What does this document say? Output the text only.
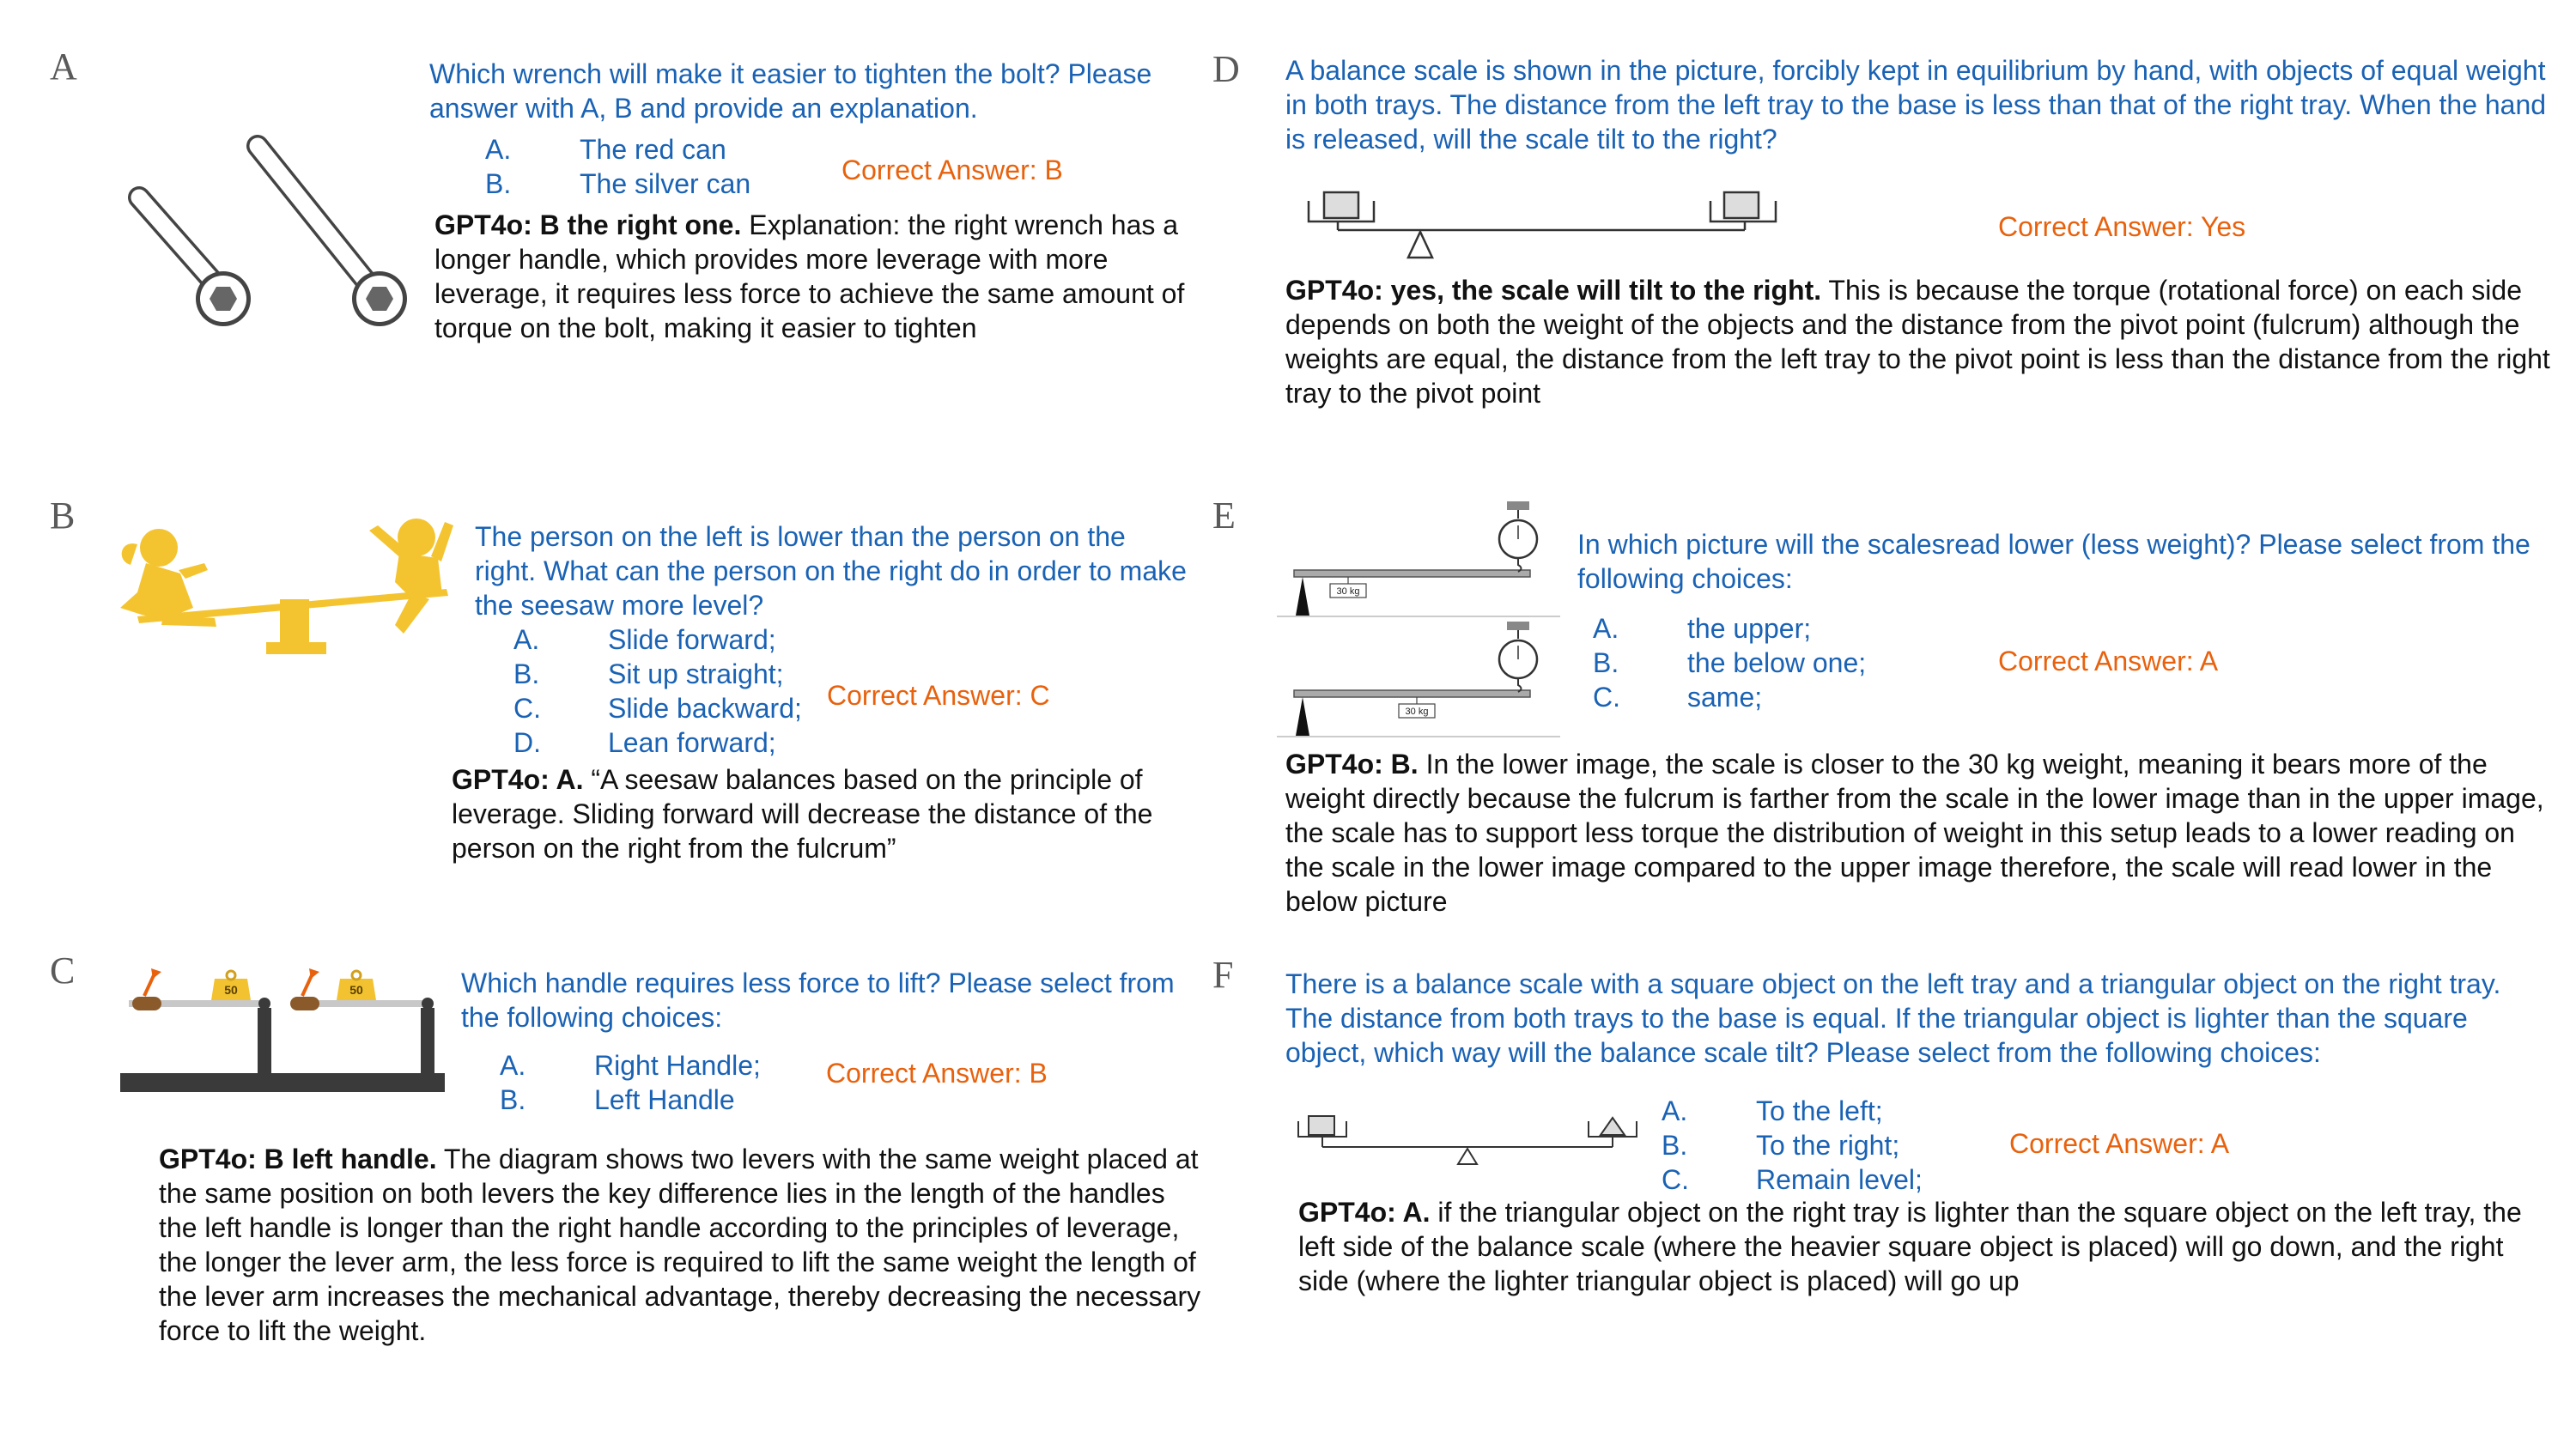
A	Which wrench will make it easier to tighten the bolt? Please answer with A, B and provide an explanation.
A.	The red can
B.	The silver can	Correct Answer: B
GPT4o: B the right one. Explanation: the right wrench has a longer handle, which provides more leverage with more leverage, it requires less force to achieve the same amount of torque on the bolt, making it easier to tighten
B	The person on the left is lower than the person on the right. What can the person on the right do in order to make the seesaw more level?
A.	Slide forward;
B.	Sit up straight;
C.	Slide backward;
D.	Lean forward;
Correct Answer: C
GPT4o: A. “A seesaw balances based on the principle of leverage. Sliding forward will decrease the distance of the person on the right from the fulcrum”
C	50	50	Which handle requires less force to lift? Please select from the following choices:
A.	Right Handle;
B.	Left Handle
Correct Answer: B
GPT4o: B left handle. The diagram shows two levers with the same weight placed at the same position on both levers the key difference lies in the length of the handles the left handle is longer than the right handle according to the principles of leverage, the longer the lever arm, the less force is required to lift the same weight the length of the lever arm increases the mechanical advantage, thereby decreasing the necessary force to lift the weight.
D A balance scale is shown in the picture, forcibly kept in equilibrium by hand, with objects of equal weight in both trays. The distance from the left tray to the base is less than that of the right tray. When the hand is released, will the scale tilt to the right?
Correct Answer: Yes
GPT4o: yes, the scale will tilt to the right. This is because the torque (rotational force) on each side depends on both the weight of the objects and the distance from the pivot point (fulcrum) although the weights are equal, the distance from the left tray to the pivot point is less than the distance from the right tray to the pivot point
E
30 kg
30 kg
In which picture will the scalesread lower (less weight)? Please select from the following choices:
A.	the upper;
B.	the below one;
C.	same;
Correct Answer: A
GPT4o: B. In the lower image, the scale is closer to the 30 kg weight, meaning it bears more of the weight directly because the fulcrum is farther from the scale in the lower image than in the upper image, the scale has to support less torque the distribution of weight in this setup leads to a lower reading on the scale in the lower image compared to the upper image therefore, the scale will read lower in the below picture
F There is a balance scale with a square object on the left tray and a triangular object on the right tray. The distance from both trays to the base is equal. If the triangular object is lighter than the square object, which way will the balance scale tilt? Please select from the following choices:
A.	To the left;
B.	To the right;
C.	Remain level;
Correct Answer: A
GPT4o: A. if the triangular object on the right tray is lighter than the square object on the left tray, the left side of the balance scale (where the heavier square object is placed) will go down, and the right side (where the lighter triangular object is placed) will go up
